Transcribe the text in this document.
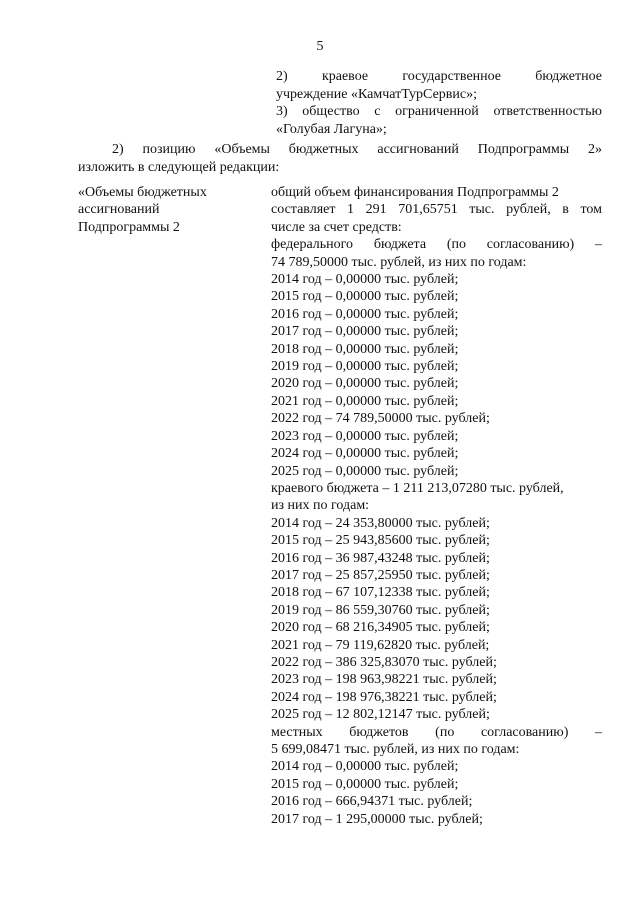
5
2) краевое государственное бюджетное
учреждение «КамчатТурСервис»;
3) общество с ограниченной ответственностью
«Голубая Лагуна»;
2) позицию «Объемы бюджетных ассигнований Подпрограммы 2»
изложить в следующей редакции:
«Объемы бюджетных
ассигнований
Подпрограммы 2
общий объем финансирования Подпрограммы 2
составляет 1 291 701,65751 тыс. рублей, в том
числе за счет средств:
федерального бюджета (по согласованию) –
74 789,50000 тыс. рублей, из них по годам:
2014 год – 0,00000 тыс. рублей;
2015 год – 0,00000 тыс. рублей;
2016 год – 0,00000 тыс. рублей;
2017 год – 0,00000 тыс. рублей;
2018 год – 0,00000 тыс. рублей;
2019 год – 0,00000 тыс. рублей;
2020 год – 0,00000 тыс. рублей;
2021 год – 0,00000 тыс. рублей;
2022 год – 74 789,50000 тыс. рублей;
2023 год – 0,00000 тыс. рублей;
2024 год – 0,00000 тыс. рублей;
2025 год – 0,00000 тыс. рублей;
краевого бюджета – 1 211 213,07280 тыс. рублей,
из них по годам:
2014 год – 24 353,80000 тыс. рублей;
2015 год – 25 943,85600 тыс. рублей;
2016 год – 36 987,43248 тыс. рублей;
2017 год – 25 857,25950 тыс. рублей;
2018 год – 67 107,12338 тыс. рублей;
2019 год – 86 559,30760 тыс. рублей;
2020 год – 68 216,34905 тыс. рублей;
2021 год – 79 119,62820 тыс. рублей;
2022 год – 386 325,83070 тыс. рублей;
2023 год – 198 963,98221 тыс. рублей;
2024 год – 198 976,38221 тыс. рублей;
2025 год – 12 802,12147 тыс. рублей;
местных бюджетов (по согласованию) –
5 699,08471 тыс. рублей, из них по годам:
2014 год – 0,00000 тыс. рублей;
2015 год – 0,00000 тыс. рублей;
2016 год – 666,94371 тыс. рублей;
2017 год – 1 295,00000 тыс. рублей;
